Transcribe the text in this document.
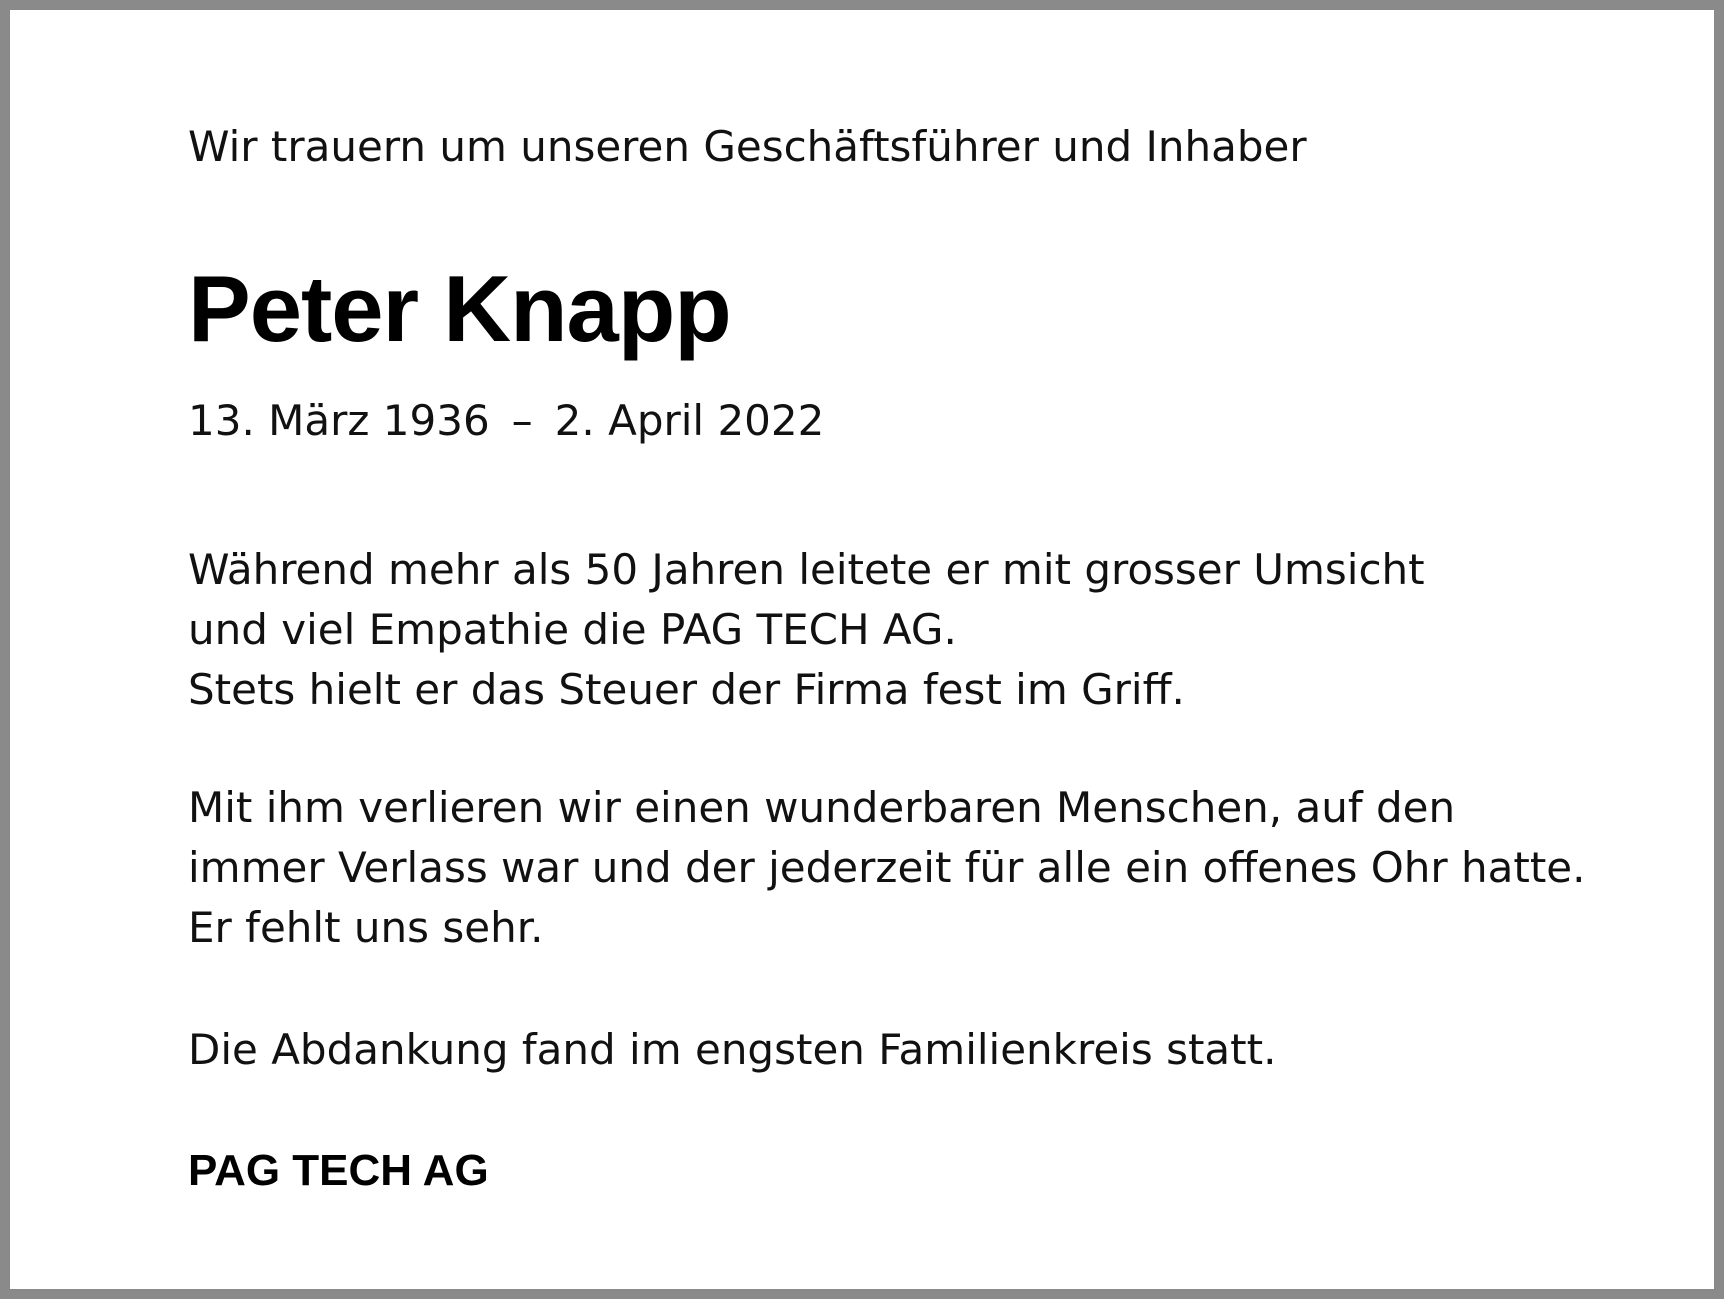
Wir trauern um unseren Geschäftsführer und Inhaber
Peter Knapp
13. März 1936 – 2. April 2022
Während mehr als 50 Jahren leitete er mit grosser Umsicht
und viel Empathie die PAG TECH AG.
Stets hielt er das Steuer der Firma fest im Griff.
Mit ihm verlieren wir einen wunderbaren Menschen, auf den
immer Verlass war und der jederzeit für alle ein offenes Ohr hatte.
Er fehlt uns sehr.
Die Abdankung fand im engsten Familienkreis statt.
PAG TECH AG
